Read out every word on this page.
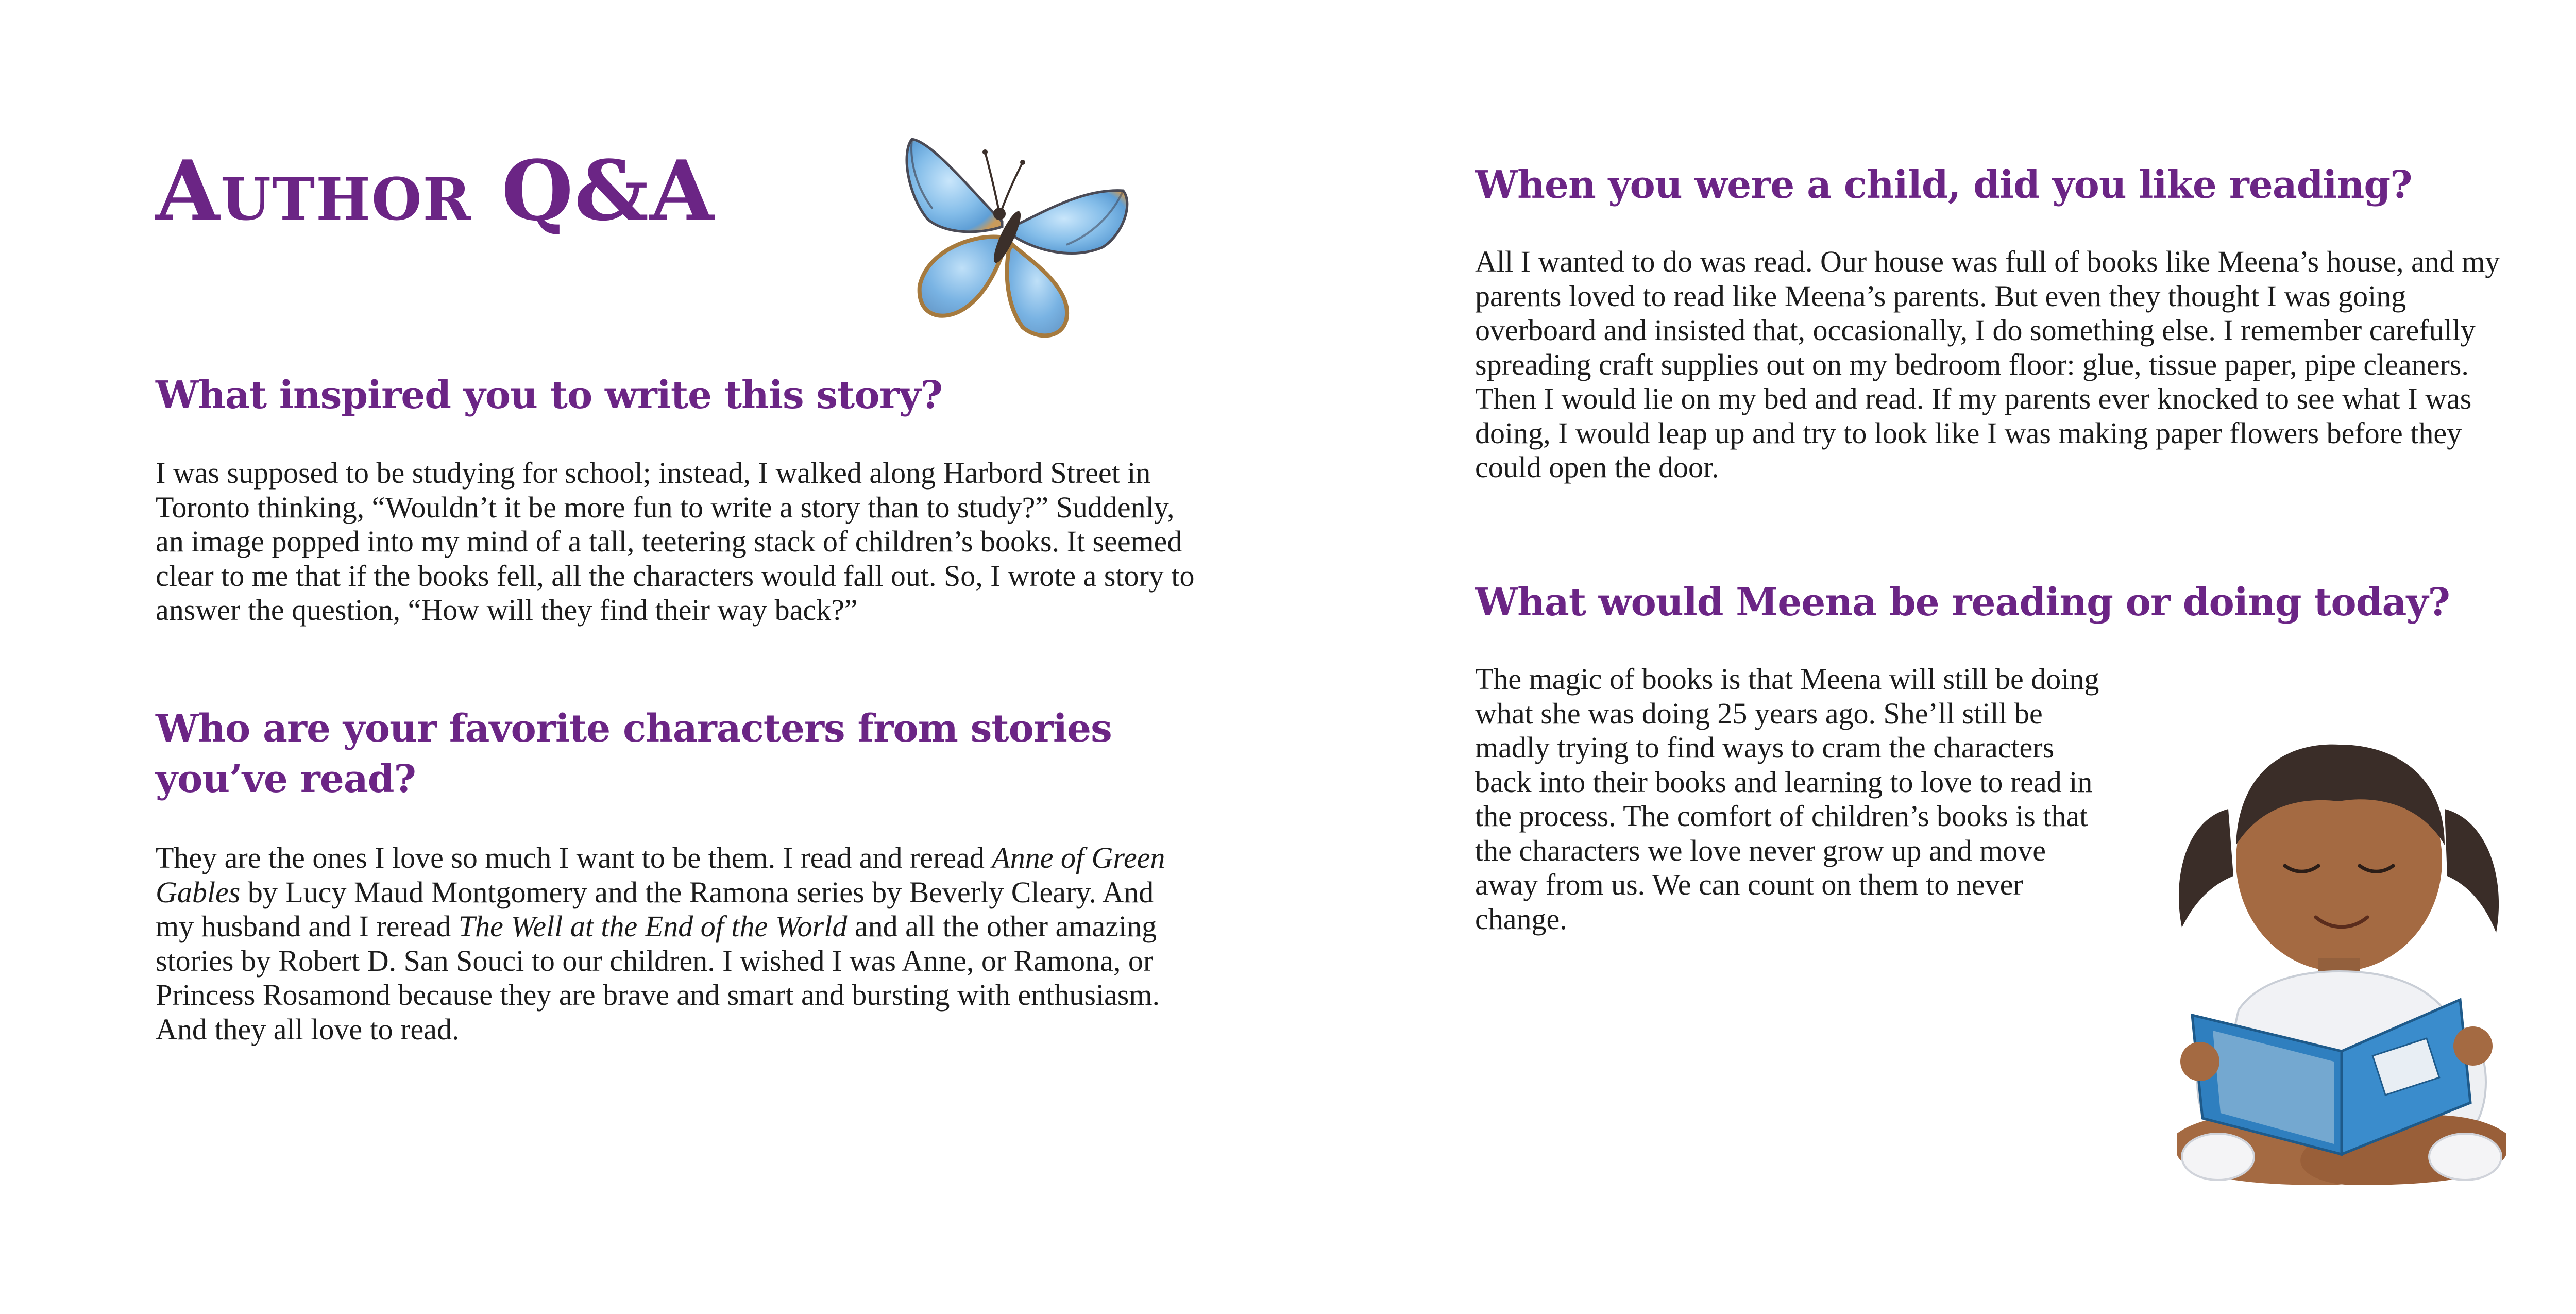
Author Q&A
What inspired you to write this story?

I was supposed to be studying for school; instead, I walked along Harbord Street in Toronto thinking, “Wouldn’t it be more fun to write a story than to study?” Suddenly, an image popped into my mind of a tall, teetering stack of children’s books. It seemed clear to me that if the books fell, all the characters would fall out. So, I wrote a story to answer the question, “How will they find their way back?”

Who are your favorite characters from stories you’ve read?

They are the ones I love so much I want to be them. I read and reread Anne of Green Gables by Lucy Maud Montgomery and the Ramona series by Beverly Cleary. And my husband and I reread The Well at the End of the World and all the other amazing stories by Robert D. San Souci to our children. I wished I was Anne, or Ramona, or Princess Rosamond because they are brave and smart and bursting with enthusiasm. And they all love to read.

When you were a child, did you like reading?

All I wanted to do was read. Our house was full of books like Meena’s house, and my parents loved to read like Meena’s parents. But even they thought I was going overboard and insisted that, occasionally, I do something else. I remember carefully spreading craft supplies out on my bedroom floor: glue, tissue paper, pipe cleaners. Then I would lie on my bed and read. If my parents ever knocked to see what I was doing, I would leap up and try to look like I was making paper flowers before they could open the door.

What would Meena be reading or doing today?

The magic of books is that Meena will still be doing what she was doing 25 years ago. She’ll still be madly trying to find ways to cram the characters back into their books and learning to love to read in the process. The comfort of children’s books is that the characters we love never grow up and move away from us. We can count on them to never change.
